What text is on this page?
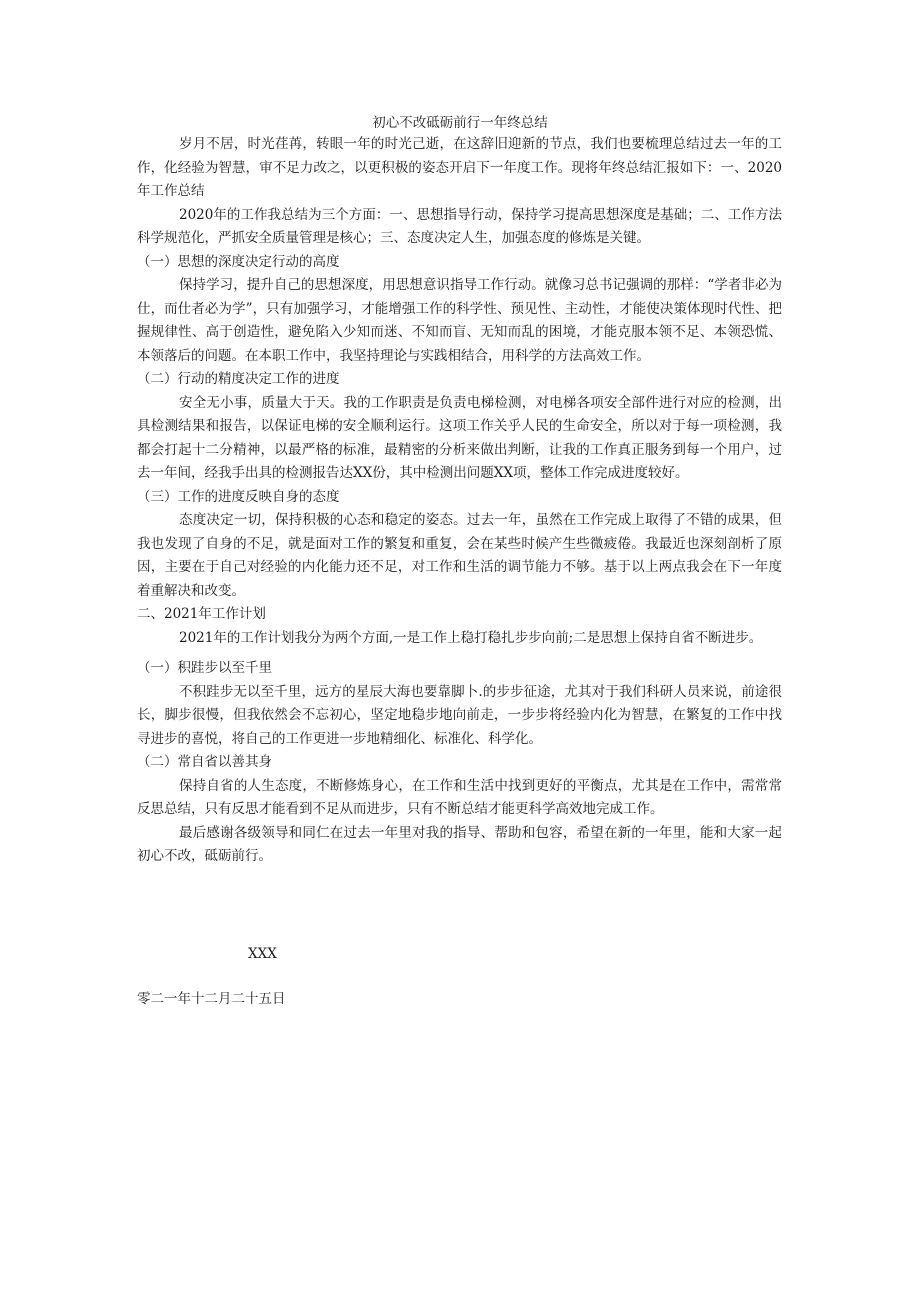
初心不改砥砺前行一年终总结

岁月不居，时光荏苒，转眼一年的时光己逝，在这辞旧迎新的节点，我们也要梳理总结过去一年的工作，化经验为智慧，审不足力改之，以更积极的姿态开启下一年度工作。现将年终总结汇报如下：一、2020年工作总结

2020年的工作我总结为三个方面：一、思想指导行动，保持学习提高思想深度是基础；二、工作方法科学规范化，严抓安全质量管理是核心；三、态度决定人生，加强态度的修炼是关键。

（一）思想的深度决定行动的高度

保持学习，提升自己的思想深度，用思想意识指导工作行动。就像习总书记强调的那样：“学者非必为仕，而仕者必为学”，只有加强学习，才能增强工作的科学性、预见性、主动性，才能使决策体现时代性、把握规律性、高于创造性，避免陷入少知而迷、不知而盲、无知而乱的困境，才能克服本领不足、本领恐慌、本领落后的问题。在本职工作中，我坚持理论与实践相结合，用科学的方法高效工作。

（二）行动的精度决定工作的进度

安全无小事，质量大于天。我的工作职责是负责电梯检测，对电梯各项安全部件进行对应的检测，出具检测结果和报告，以保证电梯的安全顺利运行。这项工作关乎人民的生命安全，所以对于每一项检测，我都会打起十二分精神，以最严格的标准，最精密的分析来做出判断，让我的工作真正服务到每一个用户，过去一年间，经我手出具的检测报告达XX份，其中检测出问题XX项，整体工作完成进度较好。

（三）工作的进度反映自身的态度

态度决定一切，保持积极的心态和稳定的姿态。过去一年，虽然在工作完成上取得了不错的成果，但我也发现了自身的不足，就是面对工作的繁复和重复，会在某些时候产生些微疲倦。我最近也深刻剖析了原因，主要在于自己对经验的内化能力还不足，对工作和生活的调节能力不够。基于以上两点我会在下一年度着重解决和改变。

二、2021年工作计划

2021年的工作计划我分为两个方面,一是工作上稳打稳扎步步向前;二是思想上保持自省不断进步。

（一）积跬步以至千里

不积跬步无以至千里，远方的星辰大海也要靠脚卜.的步步征途，尤其对于我们科研人员来说，前途很长，脚步很慢，但我依然会不忘初心，坚定地稳步地向前走，一步步将经验内化为智慧，在繁复的工作中找寻进步的喜悦，将自己的工作更进一步地精细化、标准化、科学化。

（二）常自省以善其身

保持自省的人生态度，不断修炼身心，在工作和生活中找到更好的平衡点，尤其是在工作中，需常常反思总结，只有反思才能看到不足从而进步，只有不断总结才能更科学高效地完成工作。

最后感谢各级领导和同仁在过去一年里对我的指导、帮助和包容，希望在新的一年里，能和大家一起初心不改，砥砺前行。

XXX
零二一年十二月二十五日
